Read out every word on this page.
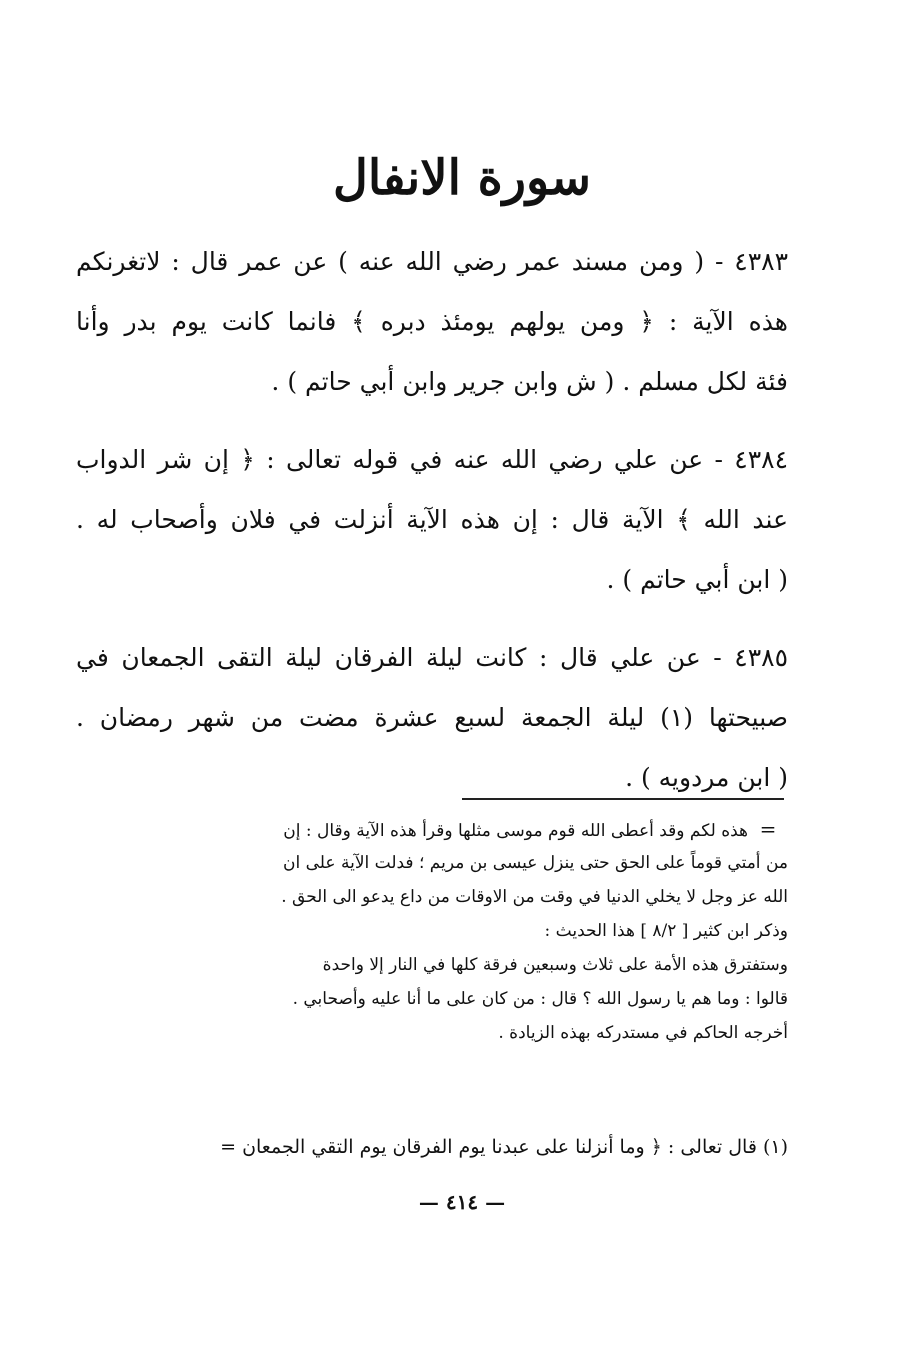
سورة الانفال
٤٣٨٣ - ( ومن مسند عمر رضي الله عنه ) عن عمر قال : لاتغرنكم
هذه الآية : ﴿ ومن يولهم يومئذ دبره ﴾ فانما كانت يوم بدر وأنا
فئة لكل مسلم . ( ش وابن جرير وابن أبي حاتم ) .
٤٣٨٤ - عن علي رضي الله عنه في قوله تعالى : ﴿ إن شر الدواب
عند الله ﴾ الآية قال : إن هذه الآية أنزلت في فلان وأصحاب له .
( ابن أبي حاتم ) .
٤٣٨٥ - عن علي قال : كانت ليلة الفرقان ليلة التقى الجمعان في
صبيحتها (١) ليلة الجمعة لسبع عشرة مضت من شهر رمضان .
( ابن مردويه ) .
=هذه لكم وقد أعطى الله قوم موسى مثلها وقرأ هذه الآية وقال : إن
من أمتي قوماً على الحق حتى ينزل عيسى بن مريم ؛ فدلت الآية على ان
الله عز وجل لا يخلي الدنيا في وقت من الاوقات من داع يدعو الى الحق .
وذكر ابن كثير [ ٨/٢ ] هذا الحديث :
وستفترق هذه الأمة على ثلاث وسبعين فرقة كلها في النار إلا واحدة
قالوا : وما هم يا رسول الله ؟ قال : من كان على ما أنا عليه وأصحابي .
أخرجه الحاكم في مستدركه بهذه الزيادة .
(١) قال تعالى : ﴿ وما أنزلنا على عبدنا يوم الفرقان يوم التقي الجمعان =
— ٤١٤ —
